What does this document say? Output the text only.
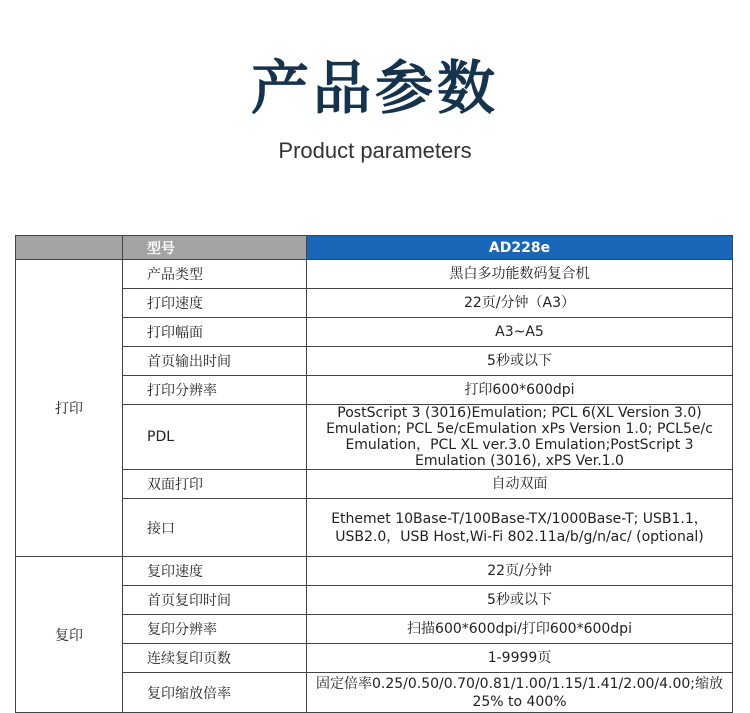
产品参数
Product parameters
	型号	AD228e
打印	产品类型	黑白多功能数码复合机
	打印速度	22页/分钟（A3）
	打印幅面	A3~A5
	首页输出时间	5秒或以下
	打印分辨率	打印600*600dpi
	PDL	PostScript 3 (3016)Emulation; PCL 6(XL Version 3.0) Emulation; PCL 5e/cEmulation xPs Version 1.0; PCL5e/c Emulation，PCL XL ver.3.0 Emulation;PostScript 3 Emulation (3016), xPS Ver.1.0
	双面打印	自动双面
	接口	Ethemet 10Base-T/100Base-TX/1000Base-T; USB1.1，USB2.0，USB Host,Wi-Fi 802.11a/b/g/n/ac/ (optional)
复印	复印速度	22页/分钟
	首页复印时间	5秒或以下
	复印分辨率	扫描600*600dpi/打印600*600dpi
	连续复印页数	1-9999页
	复印缩放倍率	固定倍率0.25/0.50/0.70/0.81/1.00/1.15/1.41/2.00/4.00;缩放25% to 400%
